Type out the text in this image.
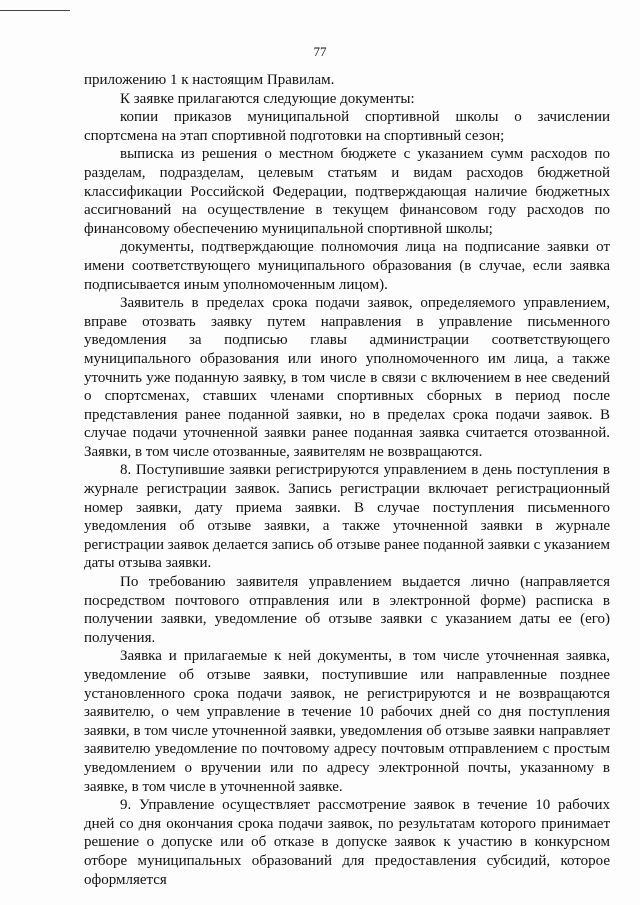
77

приложению 1 к настоящим Правилам.

К заявке прилагаются следующие документы:

копии приказов муниципальной спортивной школы о зачислении спортсмена на этап спортивной подготовки на спортивный сезон;

выписка из решения о местном бюджете с указанием сумм расходов по разделам, подразделам, целевым статьям и видам расходов бюджетной классификации Российской Федерации, подтверждающая наличие бюджетных ассигнований на осуществление в текущем финансовом году расходов по финансовому обеспечению муниципальной спортивной школы;

документы, подтверждающие полномочия лица на подписание заявки от имени соответствующего муниципального образования (в случае, если заявка подписывается иным уполномоченным лицом).

Заявитель в пределах срока подачи заявок, определяемого управлением, вправе отозвать заявку путем направления в управление письменного уведомления за подписью главы администрации соответствующего муниципального образования или иного уполномоченного им лица, а также уточнить уже поданную заявку, в том числе в связи с включением в нее сведений о спортсменах, ставших членами спортивных сборных в период после представления ранее поданной заявки, но в пределах срока подачи заявок. В случае подачи уточненной заявки ранее поданная заявка считается отозванной. Заявки, в том числе отозванные, заявителям не возвращаются.

8. Поступившие заявки регистрируются управлением в день поступления в журнале регистрации заявок. Запись регистрации включает регистрационный номер заявки, дату приема заявки. В случае поступления письменного уведомления об отзыве заявки, а также уточненной заявки в журнале регистрации заявок делается запись об отзыве ранее поданной заявки с указанием даты отзыва заявки.

По требованию заявителя управлением выдается лично (направляется посредством почтового отправления или в электронной форме) расписка в получении заявки, уведомление об отзыве заявки с указанием даты ее (его) получения.

Заявка и прилагаемые к ней документы, в том числе уточненная заявка, уведомление об отзыве заявки, поступившие или направленные позднее установленного срока подачи заявок, не регистрируются и не возвращаются заявителю, о чем управление в течение 10 рабочих дней со дня поступления заявки, в том числе уточненной заявки, уведомления об отзыве заявки направляет заявителю уведомление по почтовому адресу почтовым отправлением с простым уведомлением о вручении или по адресу электронной почты, указанному в заявке, в том числе в уточненной заявке.

9. Управление осуществляет рассмотрение заявок в течение 10 рабочих дней со дня окончания срока подачи заявок, по результатам которого принимает решение о допуске или об отказе в допуске заявок к участию в конкурсном отборе муниципальных образований для предоставления субсидий, которое оформляется
